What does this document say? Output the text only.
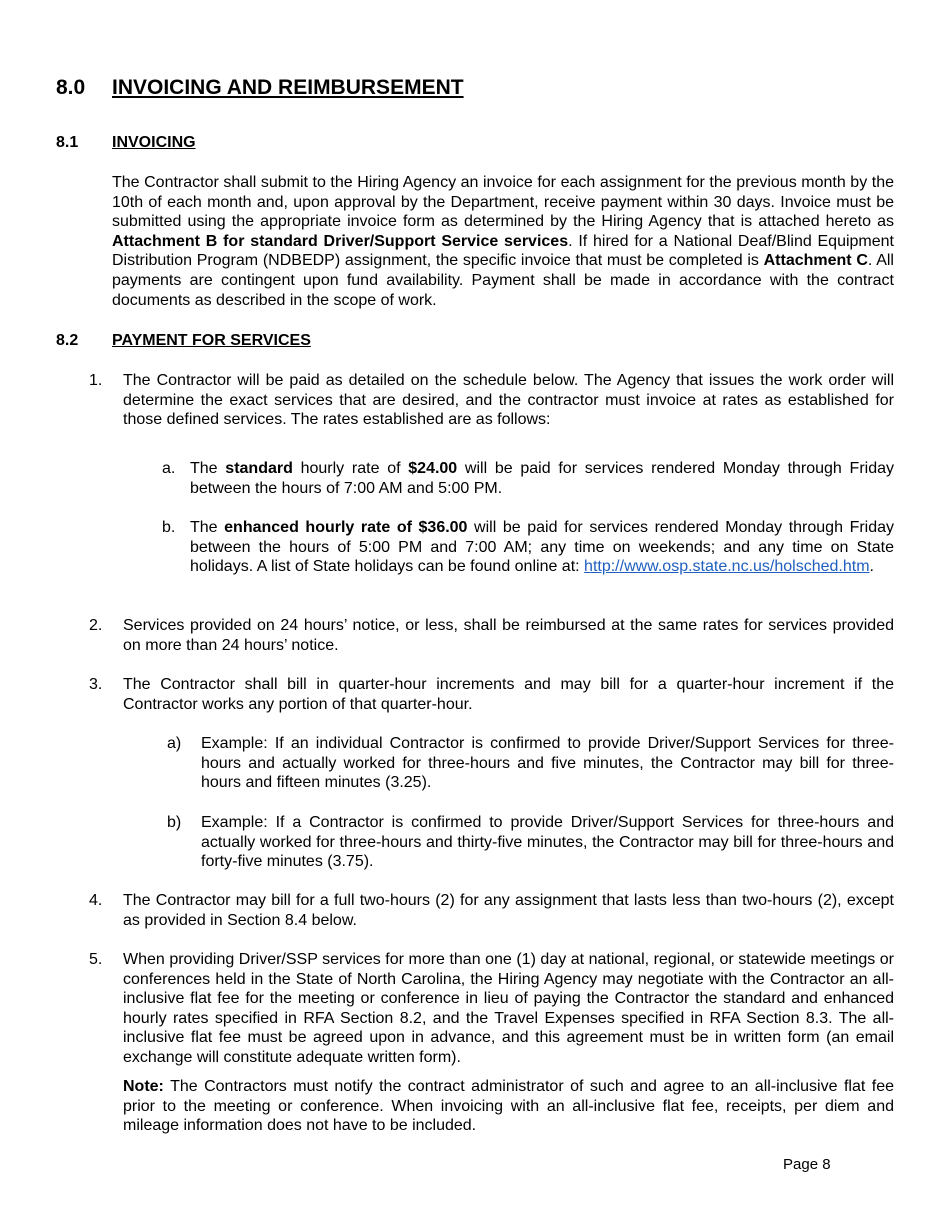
8.0 INVOICING AND REIMBURSEMENT
8.1 INVOICING

The Contractor shall submit to the Hiring Agency an invoice for each assignment for the previous month by the 10th of each month and, upon approval by the Department, receive payment within 30 days. Invoice must be submitted using the appropriate invoice form as determined by the Hiring Agency that is attached hereto as Attachment B for standard Driver/Support Service services. If hired for a National Deaf/Blind Equipment Distribution Program (NDBEDP) assignment, the specific invoice that must be completed is Attachment C. All payments are contingent upon fund availability. Payment shall be made in accordance with the contract documents as described in the scope of work.

8.2 PAYMENT FOR SERVICES
1. The Contractor will be paid as detailed on the schedule below. The Agency that issues the work order will determine the exact services that are desired, and the contractor must invoice at rates as established for those defined services. The rates established are as follows:

a. The standard hourly rate of $24.00 will be paid for services rendered Monday through Friday between the hours of 7:00 AM and 5:00 PM.

b. The enhanced hourly rate of $36.00 will be paid for services rendered Monday through Friday between the hours of 5:00 PM and 7:00 AM; any time on weekends; and any time on State holidays. A list of State holidays can be found online at: http://www.osp.state.nc.us/holsched.htm.

2. Services provided on 24 hours’ notice, or less, shall be reimbursed at the same rates for services provided on more than 24 hours’ notice.

3. The Contractor shall bill in quarter-hour increments and may bill for a quarter-hour increment if the Contractor works any portion of that quarter-hour.

a) Example: If an individual Contractor is confirmed to provide Driver/Support Services for three-hours and actually worked for three-hours and five minutes, the Contractor may bill for three-hours and fifteen minutes (3.25).

b) Example: If a Contractor is confirmed to provide Driver/Support Services for three-hours and actually worked for three-hours and thirty-five minutes, the Contractor may bill for three-hours and forty-five minutes (3.75).

4. The Contractor may bill for a full two-hours (2) for any assignment that lasts less than two-hours (2), except as provided in Section 8.4 below.

5. When providing Driver/SSP services for more than one (1) day at national, regional, or statewide meetings or conferences held in the State of North Carolina, the Hiring Agency may negotiate with the Contractor an all-inclusive flat fee for the meeting or conference in lieu of paying the Contractor the standard and enhanced hourly rates specified in RFA Section 8.2, and the Travel Expenses specified in RFA Section 8.3. The all-inclusive flat fee must be agreed upon in advance, and this agreement must be in written form (an email exchange will constitute adequate written form).

Note: The Contractors must notify the contract administrator of such and agree to an all-inclusive flat fee prior to the meeting or conference. When invoicing with an all-inclusive flat fee, receipts, per diem and mileage information does not have to be included.

Page 8
